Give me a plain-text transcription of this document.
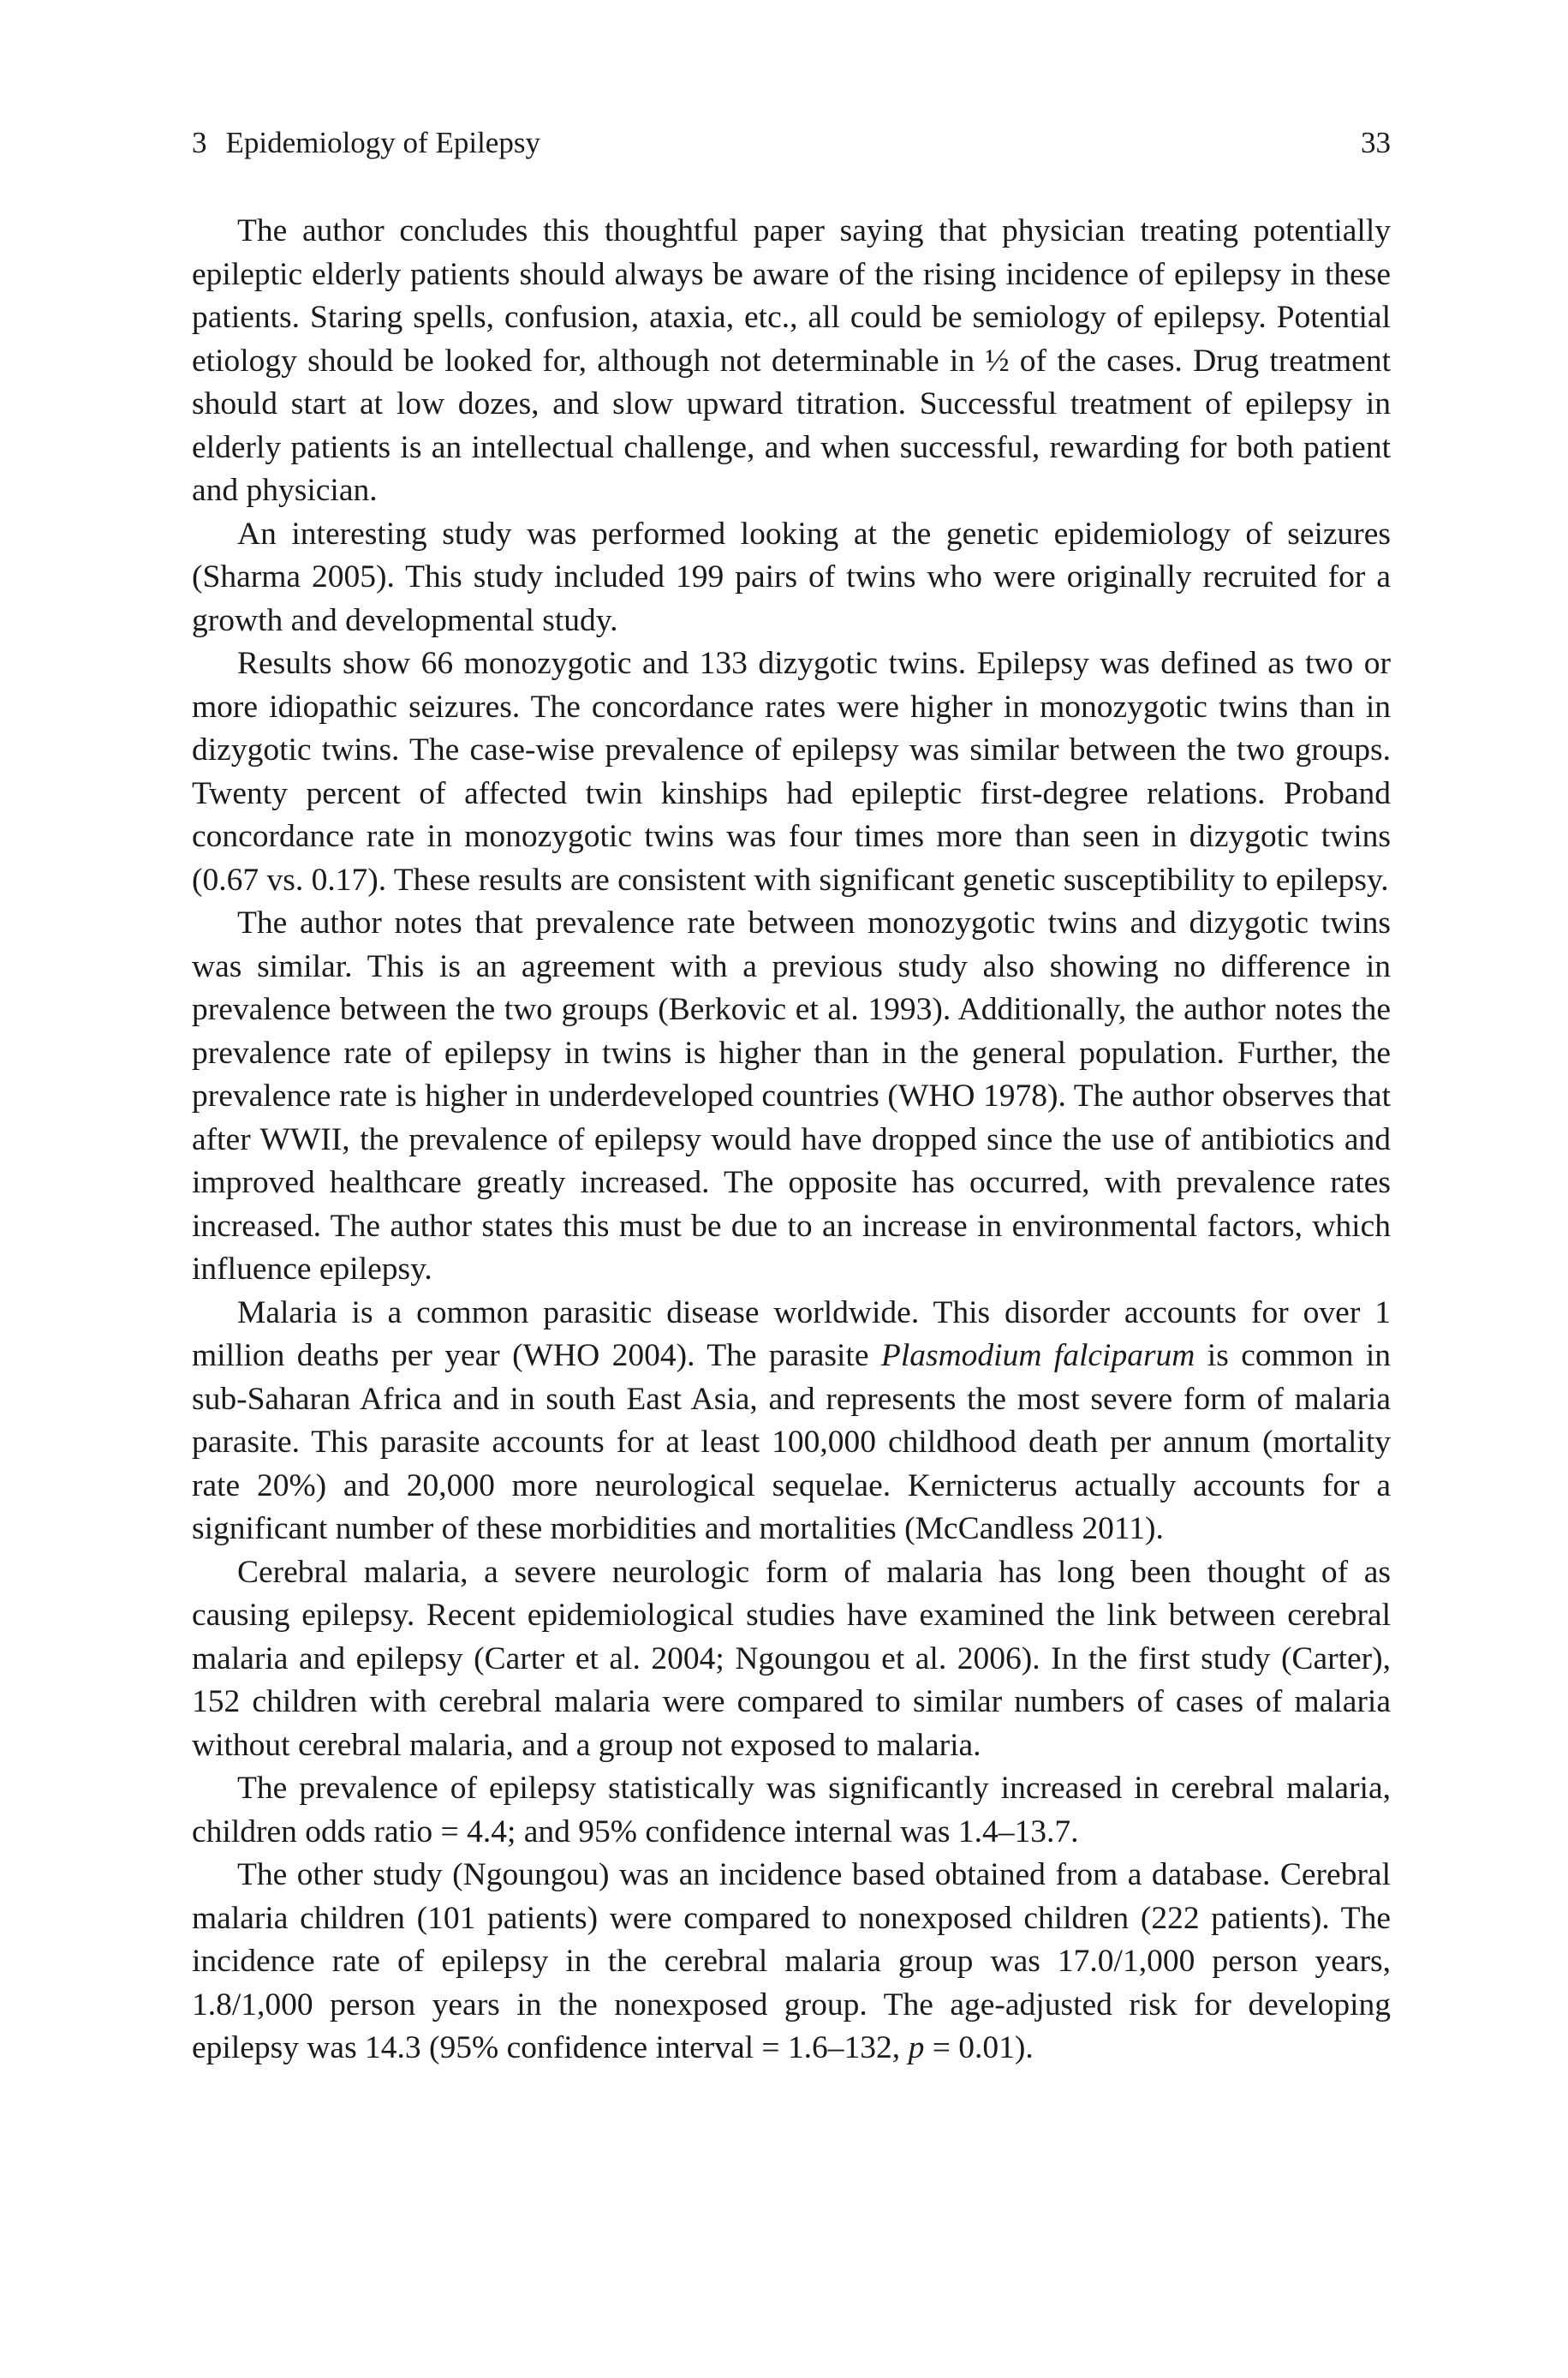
3 Epidemiology of Epilepsy	33

The author concludes this thoughtful paper saying that physician treating potentially epileptic elderly patients should always be aware of the rising incidence of epilepsy in these patients. Staring spells, confusion, ataxia, etc., all could be semiology of epilepsy. Potential etiology should be looked for, although not determinable in ½ of the cases. Drug treatment should start at low dozes, and slow upward titration. Successful treatment of epilepsy in elderly patients is an intellectual challenge, and when successful, rewarding for both patient and physician.

An interesting study was performed looking at the genetic epidemiology of seizures (Sharma 2005). This study included 199 pairs of twins who were originally recruited for a growth and developmental study.

Results show 66 monozygotic and 133 dizygotic twins. Epilepsy was defined as two or more idiopathic seizures. The concordance rates were higher in monozygotic twins than in dizygotic twins. The case-wise prevalence of epilepsy was similar between the two groups. Twenty percent of affected twin kinships had epileptic first-degree relations. Proband concordance rate in monozygotic twins was four times more than seen in dizygotic twins (0.67 vs. 0.17). These results are consistent with significant genetic susceptibility to epilepsy.

The author notes that prevalence rate between monozygotic twins and dizygotic twins was similar. This is an agreement with a previous study also showing no difference in prevalence between the two groups (Berkovic et al. 1993). Additionally, the author notes the prevalence rate of epilepsy in twins is higher than in the general population. Further, the prevalence rate is higher in underdeveloped countries (WHO 1978). The author observes that after WWII, the prevalence of epilepsy would have dropped since the use of antibiotics and improved healthcare greatly increased. The opposite has occurred, with prevalence rates increased. The author states this must be due to an increase in environmental factors, which influence epilepsy.

Malaria is a common parasitic disease worldwide. This disorder accounts for over 1 million deaths per year (WHO 2004). The parasite Plasmodium falciparum is common in sub-Saharan Africa and in south East Asia, and represents the most severe form of malaria parasite. This parasite accounts for at least 100,000 childhood death per annum (mortality rate 20%) and 20,000 more neurological sequelae. Kernicterus actually accounts for a significant number of these morbidities and mortalities (McCandless 2011).

Cerebral malaria, a severe neurologic form of malaria has long been thought of as causing epilepsy. Recent epidemiological studies have examined the link between cerebral malaria and epilepsy (Carter et al. 2004; Ngoungou et al. 2006). In the first study (Carter), 152 children with cerebral malaria were compared to similar numbers of cases of malaria without cerebral malaria, and a group not exposed to malaria.

The prevalence of epilepsy statistically was significantly increased in cerebral malaria, children odds ratio = 4.4; and 95% confidence internal was 1.4–13.7.

The other study (Ngoungou) was an incidence based obtained from a database. Cerebral malaria children (101 patients) were compared to nonexposed children (222 patients). The incidence rate of epilepsy in the cerebral malaria group was 17.0/1,000 person years, 1.8/1,000 person years in the nonexposed group. The age-adjusted risk for developing epilepsy was 14.3 (95% confidence interval = 1.6–132, p = 0.01).
